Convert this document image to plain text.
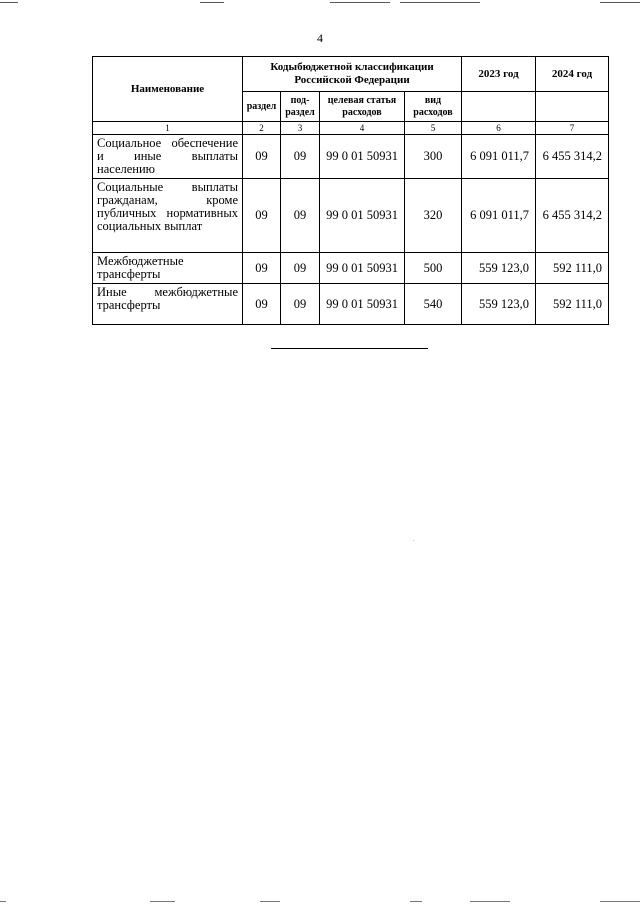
4
Наименование	Кодыбюджетной классификации Российской Федерации				2023 год	2024 год
	раздел	под-раздел	целевая статья расходов	вид расходов		
1	2	3	4	5	6	7
Социальное обеспечение и иные выплаты населению	09	09	99 0 01 50931	300	6 091 011,7	6 455 314,2
Социальные выплаты гражданам, кроме публичных нормативных социальных выплат	09	09	99 0 01 50931	320	6 091 011,7	6 455 314,2
Межбюджетные трансферты	09	09	99 0 01 50931	500	559 123,0	592 111,0
Иные межбюджетные трансферты	09	09	99 0 01 50931	540	559 123,0	592 111,0
